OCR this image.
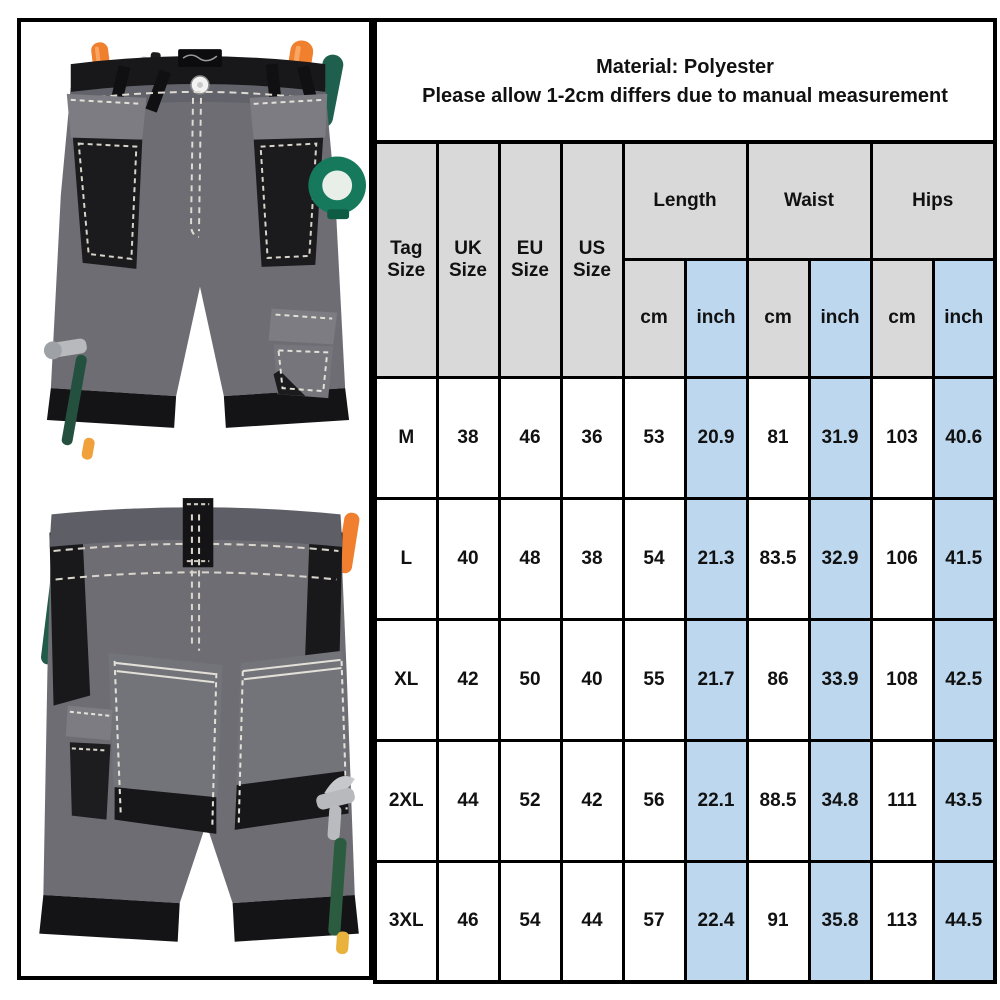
Material: Polyester
Please allow 1-2cm differs due to manual measurement
Tag Size	UK Size	EU Size	US Size	Length		Waist		Hips	
				cm	inch	cm	inch	cm	inch
M	38	46	36	53	20.9	81	31.9	103	40.6
L	40	48	38	54	21.3	83.5	32.9	106	41.5
XL	42	50	40	55	21.7	86	33.9	108	42.5
2XL	44	52	42	56	22.1	88.5	34.8	111	43.5
3XL	46	54	44	57	22.4	91	35.8	113	44.5
